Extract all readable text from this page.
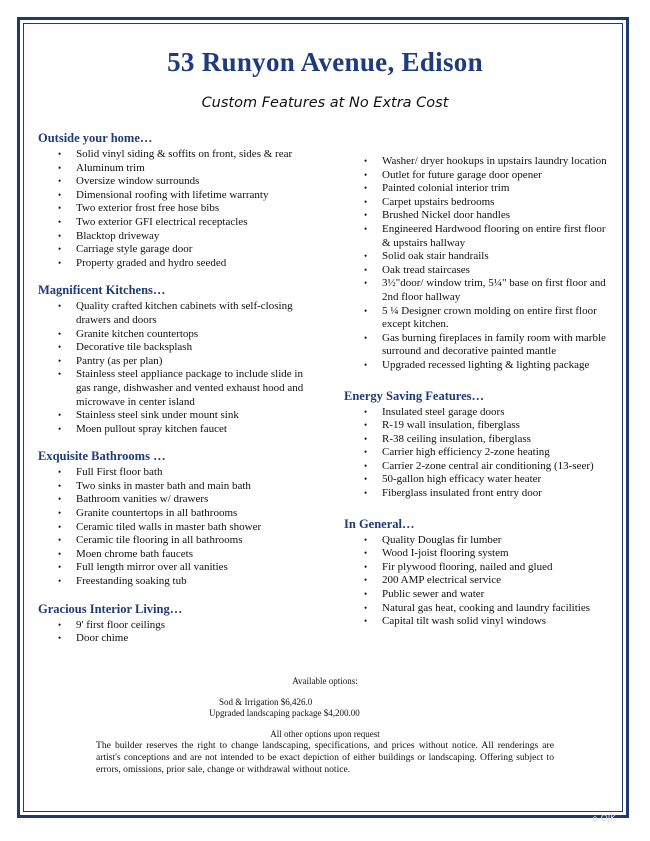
53 Runyon Avenue, Edison

Custom Features at No Extra Cost

Outside your home…
• Solid vinyl siding & soffits on front, sides & rear
• Aluminum trim
• Oversize window surrounds
• Dimensional roofing with lifetime warranty
• Two exterior frost free hose bibs
• Two exterior GFI electrical receptacles
• Blacktop driveway
• Carriage style garage door
• Property graded and hydro seeded
Magnificent Kitchens…
• Quality crafted kitchen cabinets with self-closing drawers and doors
• Granite kitchen countertops
• Decorative tile backsplash
• Pantry (as per plan)
• Stainless steel appliance package to include slide in gas range, dishwasher and vented exhaust hood and microwave in center island
• Stainless steel sink under mount sink
• Moen pullout spray kitchen faucet
Exquisite Bathrooms …
• Full First floor bath
• Two sinks in master bath and main bath
• Bathroom vanities w/ drawers
• Granite countertops in all bathrooms
• Ceramic tiled walls in master bath shower
• Ceramic tile flooring in all bathrooms
• Moen chrome bath faucets
• Full length mirror over all vanities
• Freestanding soaking tub
Gracious Interior Living…
• 9' first floor ceilings
• Door chime
• Washer/ dryer hookups in upstairs laundry location
• Outlet for future garage door opener
• Painted colonial interior trim
• Carpet upstairs bedrooms
• Brushed Nickel door handles
• Engineered Hardwood flooring on entire first floor & upstairs hallway
• Solid oak stair handrails
• Oak tread staircases
• 3½"door/ window trim, 5¼" base on first floor and 2nd floor hallway
• 5 ¼ Designer crown molding on entire first floor except kitchen.
• Gas burning fireplaces in family room with marble surround and decorative painted mantle
• Upgraded recessed lighting & lighting package
Energy Saving Features…
• Insulated steel garage doors
• R-19 wall insulation, fiberglass
• R-38 ceiling insulation, fiberglass
• Carrier high efficiency 2-zone heating
• Carrier 2-zone central air conditioning (13-seer)
• 50-gallon high efficacy water heater
• Fiberglass insulated front entry door
In General…
• Quality Douglas fir lumber
• Wood I-joist flooring system
• Fir plywood flooring, nailed and glued
• 200 AMP electrical service
• Public sewer and water
• Natural gas heat, cooking and laundry facilities
• Capital tilt wash solid vinyl windows
Available options:
Sod & Irrigation $6,426.0
Upgraded landscaping package $4,200.00
All other options upon request

The builder reserves the right to change landscaping, specifications, and prices without notice. All renderings are artist's conceptions and are not intended to be exact depiction of either buildings or landscaping. Offering subject to errors, omissions, prior sale, change or withdrawal without notice.

⌂ OJK
